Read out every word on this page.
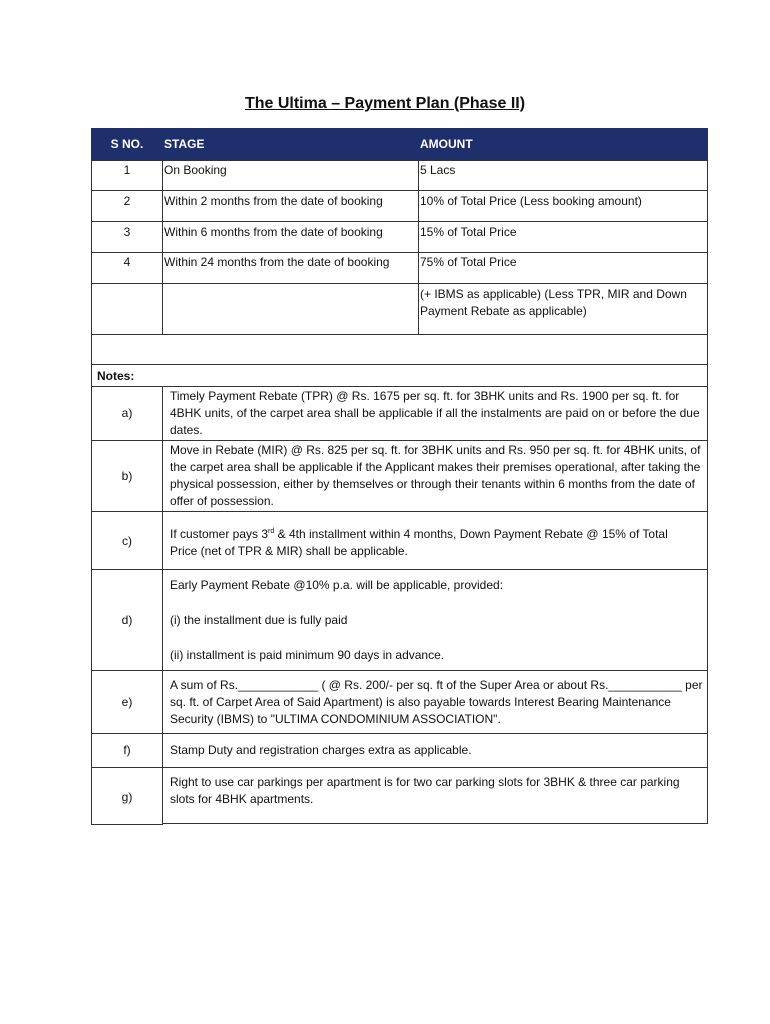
The Ultima – Payment Plan (Phase II)
S NO.	STAGE	AMOUNT
1	On Booking	5 Lacs
2	Within 2 months from the date of booking	10% of Total Price (Less booking amount)
3	Within 6 months from the date of booking	15% of Total Price
4	Within 24 months from the date of booking	75% of Total Price
(+ IBMS as applicable) (Less TPR, MIR and Down Payment Rebate as applicable)
Notes:
a)
Timely Payment Rebate (TPR) @ Rs. 1675 per sq. ft. for 3BHK units and Rs. 1900 per sq. ft. for 4BHK units, of the carpet area shall be applicable if all the instalments are paid on or before the due dates.
b)
Move in Rebate (MIR) @ Rs. 825 per sq. ft. for 3BHK units and Rs. 950 per sq. ft. for 4BHK units, of the carpet area shall be applicable if the Applicant makes their premises operational, after taking the physical possession, either by themselves or through their tenants within 6 months from the date of offer of possession.
c)	If customer pays 3rd & 4th installment within 4 months, Down Payment Rebate @ 15% of Total Price (net of TPR & MIR) shall be applicable.
d)
Early Payment Rebate @10% p.a. will be applicable, provided:
(i) the installment due is fully paid
(ii) installment is paid minimum 90 days in advance.
e)
A sum of Rs.____________ ( @ Rs. 200/- per sq. ft of the Super Area or about Rs.___________ per sq. ft. of Carpet Area of Said Apartment) is also payable towards Interest Bearing Maintenance Security (IBMS) to "ULTIMA CONDOMINIUM ASSOCIATION".
f)	Stamp Duty and registration charges extra as applicable.
g)
Right to use car parkings per apartment is for two car parking slots for 3BHK & three car parking slots for 4BHK apartments.
